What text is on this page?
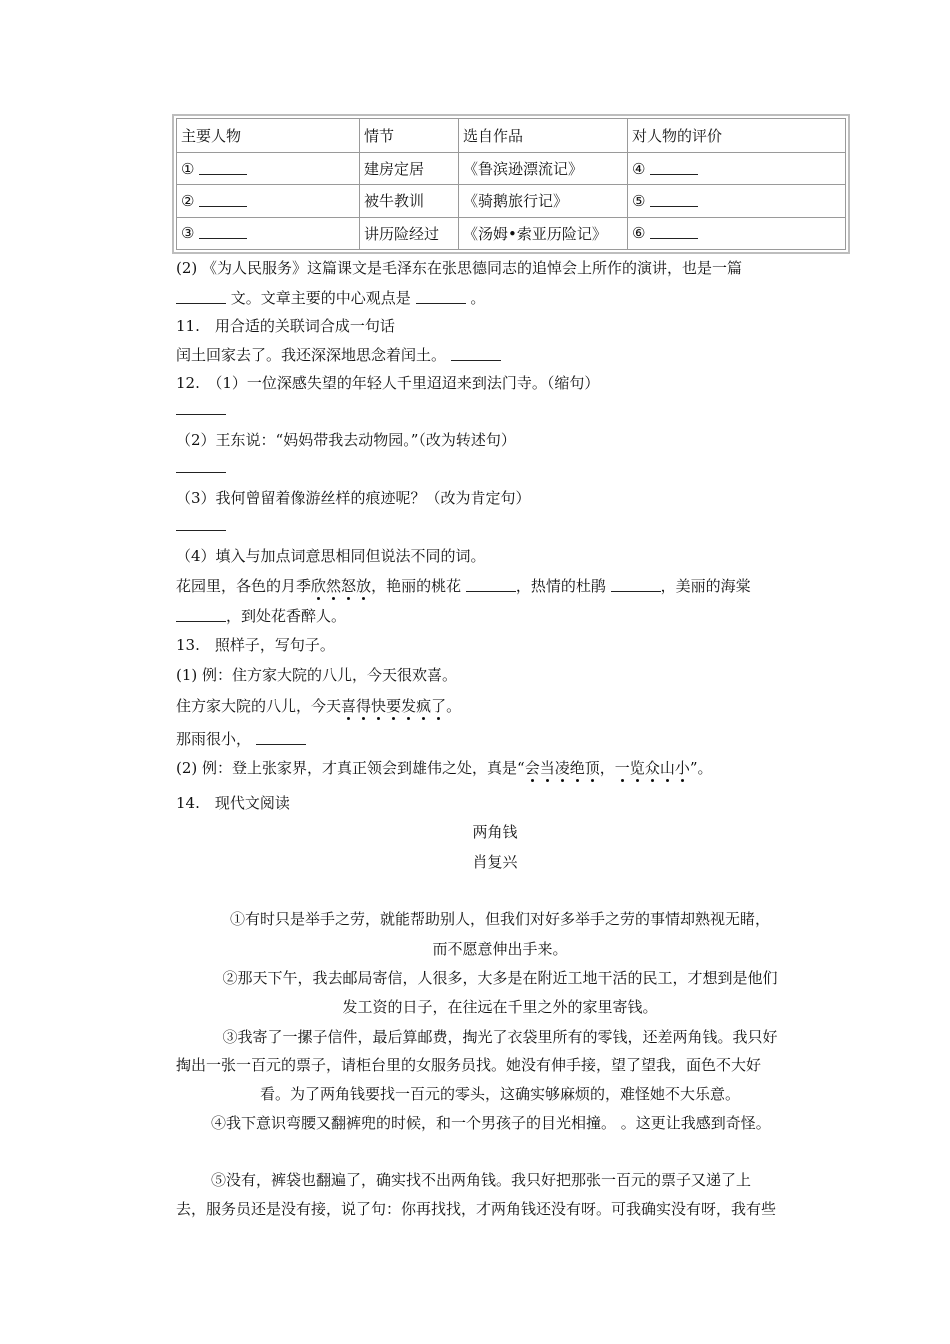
主要人物	情节	选自作品	对人物的评价
①	建房定居	《鲁滨逊漂流记》	④
②	被牛教训	《骑鹅旅行记》	⑤
③	讲历险经过	《汤姆•索亚历险记》	⑥
(2) 《为人民服务》这篇课文是毛泽东在张思德同志的追悼会上所作的演讲，也是一篇
文。文章主要的中心观点是	。
11.　用合适的关联词合成一句话
闰土回家去了。我还深深地思念着闰土。
12.　（1）一位深感失望的年轻人千里迢迢来到法门寺。（缩句）
（2）王东说：“妈妈带我去动物园。”（改为转述句）
（3）我何曾留着像游丝样的痕迹呢？（改为肯定句）
（4）填入与加点词意思相同但说法不同的词。
花园里，各色的月季欣然怒放，艳丽的桃花	，热情的杜鹃	，美丽的海棠
，到处花香醉人。
13.　照样子，写句子。
(1) 例：住方家大院的八儿，今天很欢喜。
住方家大院的八儿，今天喜得快要发疯了。
那雨很小，
(2) 例：登上张家界，才真正领会到雄伟之处，真是“会当凌绝顶，一览众山小”。
14.　现代文阅读
两角钱
肖复兴
①有时只是举手之劳，就能帮助别人，但我们对好多举手之劳的事情却熟视无睹，
而不愿意伸出手来。
②那天下午，我去邮局寄信，人很多，大多是在附近工地干活的民工，才想到是他们
发工资的日子，在往远在千里之外的家里寄钱。
③我寄了一摞子信件，最后算邮费，掏光了衣袋里所有的零钱，还差两角钱。我只好
掏出一张一百元的票子，请柜台里的女服务员找。她没有伸手接，望了望我，面色不大好
看。为了两角钱要找一百元的零头，这确实够麻烦的，难怪她不大乐意。
④我下意识弯腰又翻裤兜的时候，和一个男孩子的目光相撞。 。这更让我感到奇怪。
⑤没有，裤袋也翻遍了，确实找不出两角钱。我只好把那张一百元的票子又递了上
去，服务员还是没有接，说了句：你再找找，才两角钱还没有呀。可我确实没有呀，我有些
